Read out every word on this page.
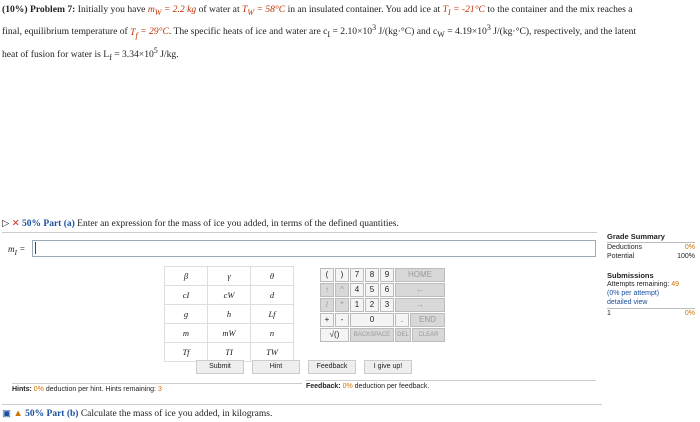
(10%) Problem 7: Initially you have $m_W = 2.2$ kg of water at $T_W = 58^\circ C$ in an insulated container. You add ice at $T_I = -21^\circ C$ to the container and the mix reaches a
final, equilibrium temperature of $T_f = 29^\circ C$. The specific heats of ice and water are $c_I = 2.10\times 10^3$ J/(kg·°C) and $c_W = 4.19\times 10^3$ J/(kg·°C), respectively, and the latent
heat of fusion for water is $L_f = 3.34\times 10^5$ J/kg.
▷ ✕ 50% Part (a) Enter an expression for the mass of ice you added, in terms of the defined quantities.
$m_I$ =
Grade Summary
Deductions	0%
Potential	100%
Submissions
Attempts remaining: 49
(0% per attempt)
detailed view
1	0%
β	γ	θ
cI	cW	d
g	h	Lf
m	mW	n
Tf	TI	TW
(	)	7	8	9	HOME
↑	^	4	5	6	←
/	*	1	2	3	→
+	-	0	.	END
√()	BACKSPACE	DEL	CLEAR
Submit	Hint	Feedback	I give up!
Hints: 0% deduction per hint. Hints remaining: 3	Feedback: 0% deduction per feedback.
▣ ▲ 50% Part (b) Calculate the mass of ice you added, in kilograms.
